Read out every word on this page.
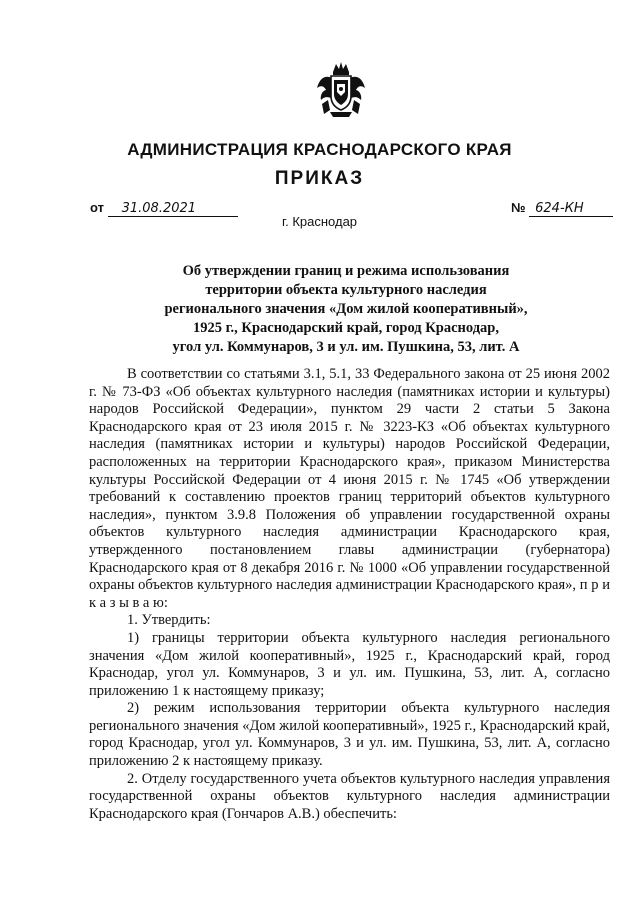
АДМИНИСТРАЦИЯ КРАСНОДАРСКОГО КРАЯ
ПРИКАЗ
от 31.08.2021	№ 624-КН
г. Краснодар
Об утверждении границ и режима использования
территории объекта культурного наследия
регионального значения «Дом жилой кооперативный»,
1925 г., Краснодарский край, город Краснодар,
угол ул. Коммунаров, 3 и ул. им. Пушкина, 53, лит. А

В соответствии со статьями 3.1, 5.1, 33 Федерального закона от 25 июня 2002 г. № 73-ФЗ «Об объектах культурного наследия (памятниках истории и культуры) народов Российской Федерации», пунктом 29 части 2 статьи 5 Закона Краснодарского края от 23 июля 2015 г. № 3223-КЗ «Об объектах культурного наследия (памятниках истории и культуры) народов Российской Федерации, расположенных на территории Краснодарского края», приказом Министерства культуры Российской Федерации от 4 июня 2015 г. № 1745 «Об утверждении требований к составлению проектов границ территорий объектов культурного наследия», пунктом 3.9.8 Положения об управлении государственной охраны объектов культурного наследия администрации Краснодарского края, утвержденного постановлением главы администрации (губернатора) Краснодарского края от 8 декабря 2016 г. № 1000 «Об управлении государственной охраны объектов культурного наследия администрации Краснодарского края», п р и к а з ы в а ю:

1. Утвердить:

1) границы территории объекта культурного наследия регионального значения «Дом жилой кооперативный», 1925 г., Краснодарский край, город Краснодар, угол ул. Коммунаров, 3 и ул. им. Пушкина, 53, лит. А, согласно приложению 1 к настоящему приказу;

2) режим использования территории объекта культурного наследия регионального значения «Дом жилой кооперативный», 1925 г., Краснодарский край, город Краснодар, угол ул. Коммунаров, 3 и ул. им. Пушкина, 53, лит. А, согласно приложению 2 к настоящему приказу.

2. Отделу государственного учета объектов культурного наследия управления государственной охраны объектов культурного наследия администрации Краснодарского края (Гончаров А.В.) обеспечить:
